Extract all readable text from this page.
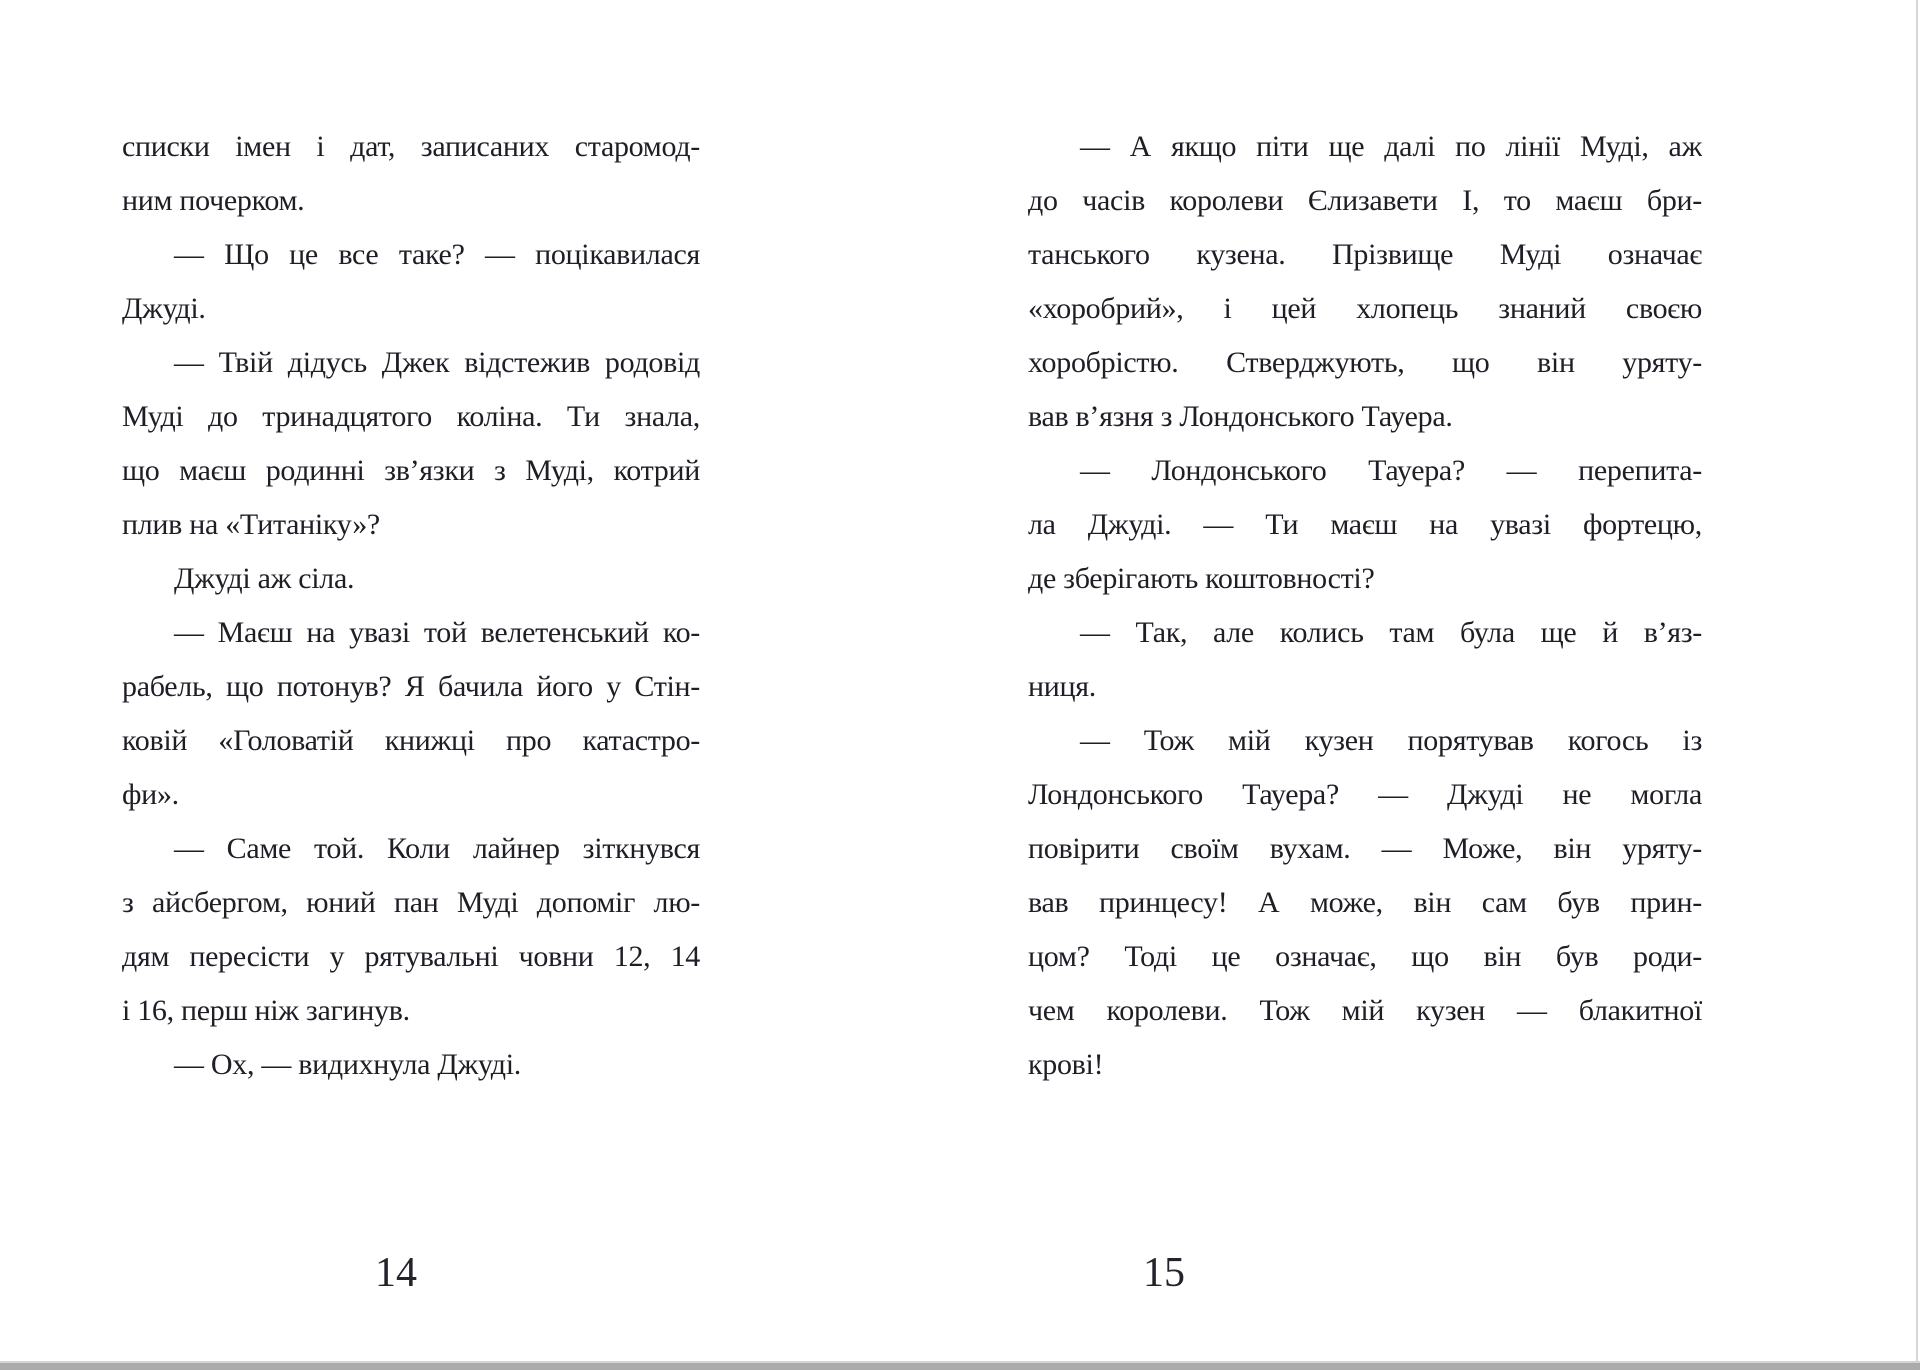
списки імен і дат, записаних старомод-
ним почерком.
— Що це все таке? — поцікавилася
Джуді.
— Твій дідусь Джек відстежив родовід
Муді до тринадцятого коліна. Ти знала,
що маєш родинні зв’язки з Муді, котрий
плив на «Титаніку»?
Джуді аж сіла.
— Маєш на увазі той велетенський ко-
рабель, що потонув? Я бачила його у Стін-
ковій «Головатій книжці про катастро-
фи».
— Саме той. Коли лайнер зіткнувся
з айсбергом, юний пан Муді допоміг лю-
дям пересісти у рятувальні човни 12, 14
і 16, перш ніж загинув.
— Ох, — видихнула Джуді.
— А якщо піти ще далі по лінії Муді, аж
до часів королеви Єлизавети І, то маєш бри-
танського кузена. Прізвище Муді означає
«хоробрий», і цей хлопець знаний своєю
хоробрістю. Стверджують, що він уряту-
вав в’язня з Лондонського Тауера.
— Лондонського Тауера? — перепита-
ла Джуді. — Ти маєш на увазі фортецю,
де зберігають коштовності?
— Так, але колись там була ще й в’яз-
ниця.
— Тож мій кузен порятував когось із
Лондонського Тауера? — Джуді не могла
повірити своїм вухам. — Може, він уряту-
вав принцесу! А може, він сам був прин-
цом? Тоді це означає, що він був роди-
чем королеви. Тож мій кузен — блакитної
крові!
14	15
